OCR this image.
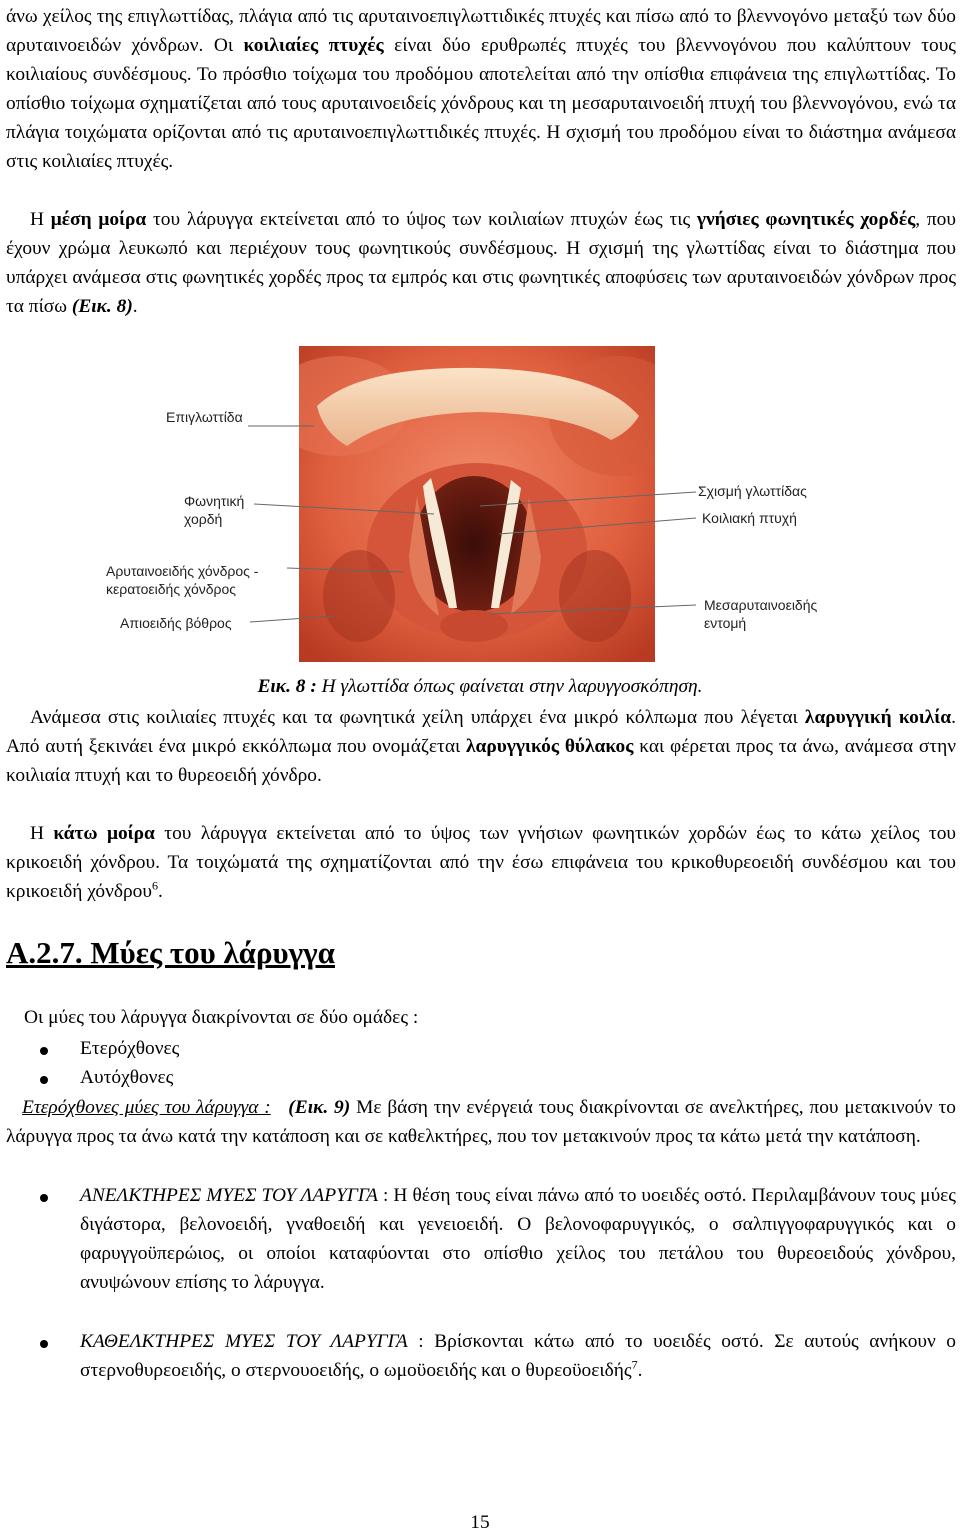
άνω χείλος της επιγλωττίδας, πλάγια από τις αρυταινοεπιγλωττιδικές πτυχές και πίσω από το βλεννογόνο μεταξύ των δύο αρυταινοειδών χόνδρων. Οι κοιλιαίες πτυχές είναι δύο ερυθρωπές πτυχές του βλεννογόνου που καλύπτουν τους κοιλιαίους συνδέσμους. Το πρόσθιο τοίχωμα του προδόμου αποτελείται από την οπίσθια επιφάνεια της επιγλωττίδας. Το οπίσθιο τοίχωμα σχηματίζεται από τους αρυταινοειδείς χόνδρους και τη μεσαρυταινοειδή πτυχή του βλεννογόνου, ενώ τα πλάγια τοιχώματα ορίζονται από τις αρυταινοεπιγλωττιδικές πτυχές. Η σχισμή του προδόμου είναι το διάστημα ανάμεσα στις κοιλιαίες πτυχές.

Η μέση μοίρα του λάρυγγα εκτείνεται από το ύψος των κοιλιαίων πτυχών έως τις γνήσιες φωνητικές χορδές, που έχουν χρώμα λευκωπό και περιέχουν τους φωνητικούς συνδέσμους. Η σχισμή της γλωττίδας είναι το διάστημα που υπάρχει ανάμεσα στις φωνητικές χορδές προς τα εμπρός και στις φωνητικές αποφύσεις των αρυταινοειδών χόνδρων προς τα πίσω (Εικ. 8).

Επιγλωττίδα
Φωνητική
χορδή
Αρυταινοειδής χόνδρος -
κερατοειδής χόνδρος
Απιοειδής βόθρος
Σχισμή γλωττίδας
Κοιλιακή πτυχή
Μεσαρυταινοειδής
εντομή
Εικ. 8 : Η γλωττίδα όπως φαίνεται στην λαρυγγοσκόπηση.

Ανάμεσα στις κοιλιαίες πτυχές και τα φωνητικά χείλη υπάρχει ένα μικρό κόλπωμα που λέγεται λαρυγγική κοιλία. Από αυτή ξεκινάει ένα μικρό εκκόλπωμα που ονομάζεται λαρυγγικός θύλακος και φέρεται προς τα άνω, ανάμεσα στην κοιλιαία πτυχή και το θυρεοειδή χόνδρο.

Η κάτω μοίρα του λάρυγγα εκτείνεται από το ύψος των γνήσιων φωνητικών χορδών έως το κάτω χείλος του κρικοειδή χόνδρου. Τα τοιχώματά της σχηματίζονται από την έσω επιφάνεια του κρικοθυρεοειδή συνδέσμου και του κρικοειδή χόνδρου$^6$.

Α.2.7. Μύες του λάρυγγα

Οι μύες του λάρυγγα διακρίνονται σε δύο ομάδες :

Ετερόχθονες
Αυτόχθονες

Ετερόχθονες μύες του λάρυγγα : (Εικ. 9) Με βάση την ενέργειά τους διακρίνονται σε ανελκτήρες, που μετακινούν το λάρυγγα προς τα άνω κατά την κατάποση και σε καθελκτήρες, που τον μετακινούν προς τα κάτω μετά την κατάποση.

ΑΝΕΛΚΤΗΡΕΣ ΜΥΕΣ ΤΟΥ ΛΑΡΥΓΓΑ : Η θέση τους είναι πάνω από το υοειδές οστό. Περιλαμβάνουν τους μύες διγάστορα, βελονοειδή, γναθοειδή και γενειοειδή. Ο βελονοφαρυγγικός, ο σαλπιγγοφαρυγγικός και ο φαρυγγοϋπερώιος, οι οποίοι καταφύονται στο οπίσθιο χείλος του πετάλου του θυρεοειδούς χόνδρου, ανυψώνουν επίσης το λάρυγγα.
ΚΑΘΕΛΚΤΗΡΕΣ ΜΥΕΣ ΤΟΥ ΛΑΡΥΓΓΑ : Βρίσκονται κάτω από το υοειδές οστό. Σε αυτούς ανήκουν ο στερνοθυρεοειδής, ο στερνουοειδής, ο ωμοϋοειδής και ο θυρεοϋοειδής$^7$.
15
